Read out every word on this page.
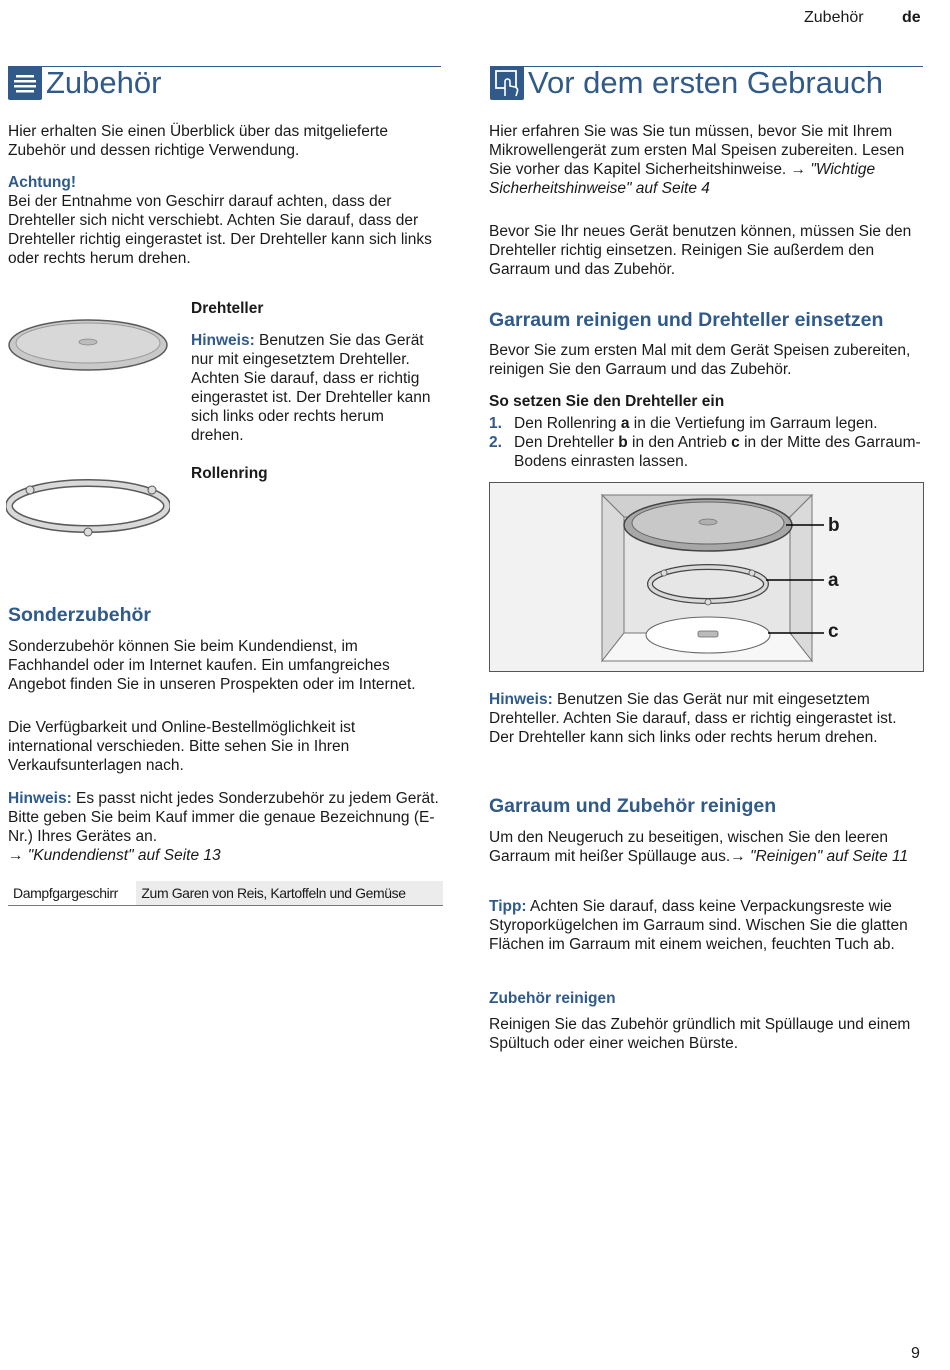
Zubehör de
Zubehör

Hier erhalten Sie einen Überblick über das mitgelieferte Zubehör und dessen richtige Verwendung.

Achtung!

Bei der Entnahme von Geschirr darauf achten, dass der Drehteller sich nicht verschiebt. Achten Sie darauf, dass der Drehteller richtig eingerastet ist. Der Drehteller kann sich links oder rechts herum drehen.

Drehteller

Hinweis: Benutzen Sie das Gerät nur mit eingesetztem Drehteller. Achten Sie darauf, dass er richtig eingerastet ist. Der Drehteller kann sich links oder rechts herum drehen.

Rollenring
Sonderzubehör

Sonderzubehör können Sie beim Kundendienst, im Fachhandel oder im Internet kaufen. Ein umfangreiches Angebot finden Sie in unseren Prospekten oder im Internet.

Die Verfügbarkeit und Online-Bestellmöglichkeit ist international verschieden. Bitte sehen Sie in Ihren Verkaufsunterlagen nach.

Hinweis: Es passt nicht jedes Sonderzubehör zu jedem Gerät. Bitte geben Sie beim Kauf immer die genaue Bezeichnung (E-Nr.) Ihres Gerätes an.
→ "Kundendienst" auf Seite 13

Dampfgargeschirr	Zum Garen von Reis, Kartoffeln und Gemüse
Vor dem ersten Gebrauch

Hier erfahren Sie was Sie tun müssen, bevor Sie mit Ihrem Mikrowellengerät zum ersten Mal Speisen zubereiten. Lesen Sie vorher das Kapitel Sicherheitshinweise. → "Wichtige Sicherheitshinweise" auf Seite 4

Bevor Sie Ihr neues Gerät benutzen können, müssen Sie den Drehteller richtig einsetzen. Reinigen Sie außerdem den Garraum und das Zubehör.

Garraum reinigen und Drehteller einsetzen

Bevor Sie zum ersten Mal mit dem Gerät Speisen zubereiten, reinigen Sie den Garraum und das Zubehör.

So setzen Sie den Drehteller ein
1. Den Rollenring a in die Vertiefung im Garraum legen.
2. Den Drehteller b in den Antrieb c in der Mitte des Garraum-Bodens einrasten lassen.
b
a
c

Hinweis: Benutzen Sie das Gerät nur mit eingesetztem Drehteller. Achten Sie darauf, dass er richtig eingerastet ist. Der Drehteller kann sich links oder rechts herum drehen.

Garraum und Zubehör reinigen

Um den Neugeruch zu beseitigen, wischen Sie den leeren Garraum mit heißer Spüllauge aus.→ "Reinigen" auf Seite 11

Tipp: Achten Sie darauf, dass keine Verpackungsreste wie Styroporkügelchen im Garraum sind. Wischen Sie die glatten Flächen im Garraum mit einem weichen, feuchten Tuch ab.

Zubehör reinigen

Reinigen Sie das Zubehör gründlich mit Spüllauge und einem Spültuch oder einer weichen Bürste.

9
